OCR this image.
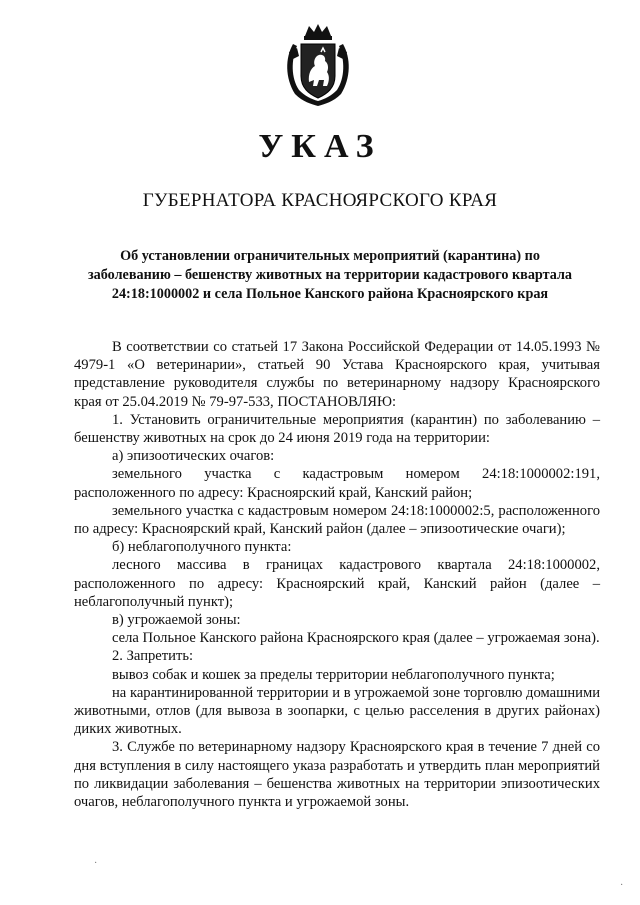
УКАЗ
ГУБЕРНАТОРА КРАСНОЯРСКОГО КРАЯ
Об установлении ограничительных мероприятий (карантина) по
заболеванию – бешенству животных на территории кадастрового квартала
24:18:1000002 и села Польное Канского района Красноярского края

В соответствии со статьей 17 Закона Российской Федерации от 14.05.1993 № 4979-1 «О ветеринарии», статьей 90 Устава Красноярского края, учитывая представление руководителя службы по ветеринарному надзору Красноярского края от 25.04.2019 № 79-97-533, ПОСТАНОВЛЯЮ:

1. Установить ограничительные мероприятия (карантин) по заболеванию – бешенству животных на срок до 24 июня 2019 года на территории:

а) эпизоотических очагов:

земельного участка с кадастровым номером 24:18:1000002:191, расположенного по адресу: Красноярский край, Канский район;

земельного участка с кадастровым номером 24:18:1000002:5, расположенного по адресу: Красноярский край, Канский район (далее – эпизоотические очаги);

б) неблагополучного пункта:

лесного массива в границах кадастрового квартала 24:18:1000002, расположенного по адресу: Красноярский край, Канский район (далее – неблагополучный пункт);

в) угрожаемой зоны:

села Польное Канского района Красноярского края (далее – угрожаемая зона).

2. Запретить:

вывоз собак и кошек за пределы территории неблагополучного пункта;

на карантинированной территории и в угрожаемой зоне торговлю домашними животными, отлов (для вывоза в зоопарки, с целью расселения в других районах) диких животных.

3. Службе по ветеринарному надзору Красноярского края в течение 7 дней со дня вступления в силу настоящего указа разработать и утвердить план мероприятий по ликвидации заболевания – бешенства животных на территории эпизоотических очагов, неблагополучного пункта и угрожаемой зоны.

·
·
